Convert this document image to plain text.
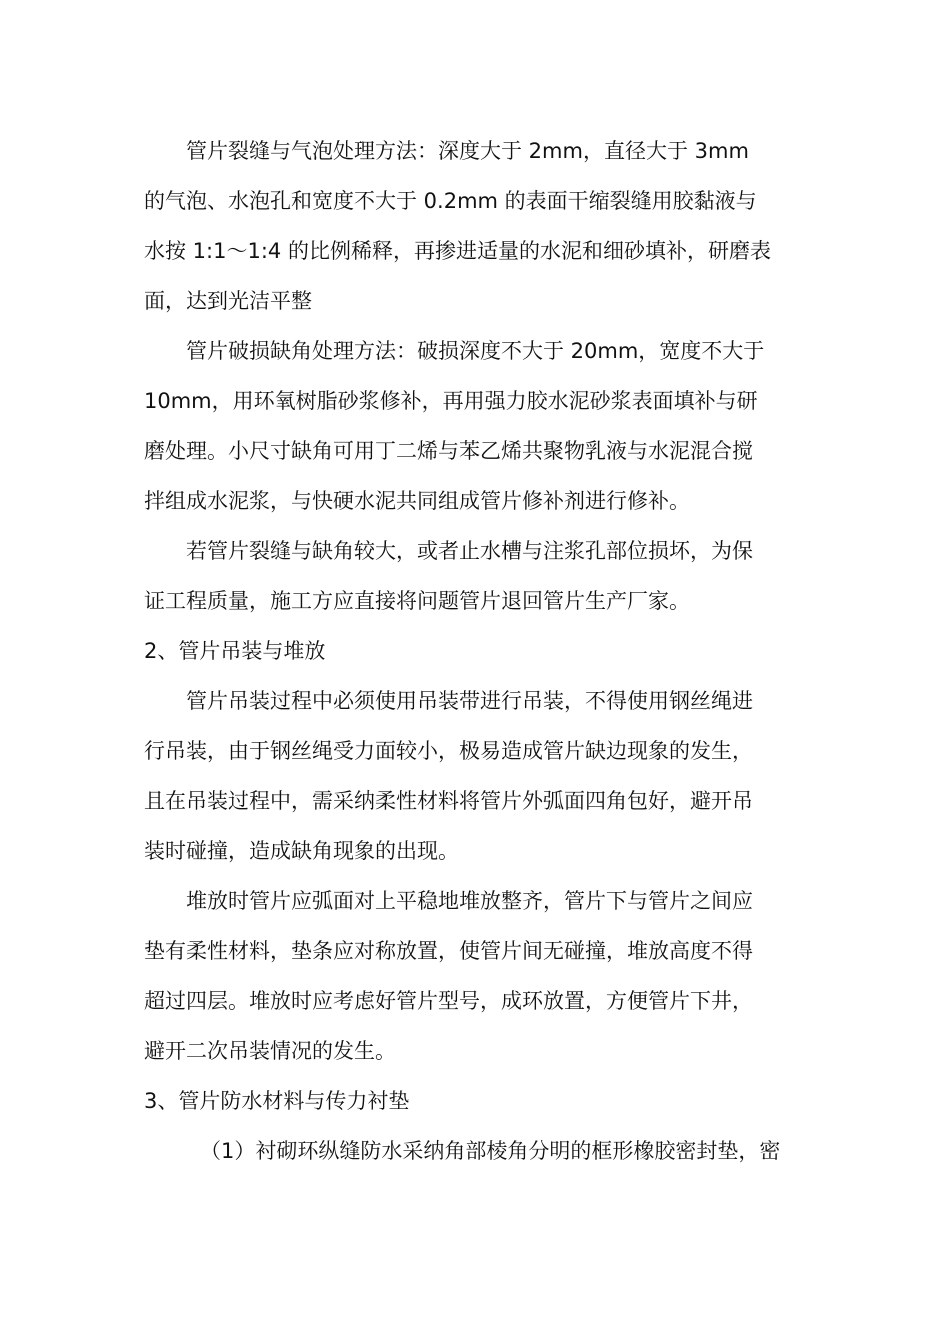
管片裂缝与气泡处理方法：深度大于 2mm，直径大于 3mm
的气泡、水泡孔和宽度不大于 0.2mm 的表面干缩裂缝用胶黏液与
水按 1:1～1:4 的比例稀释，再掺进适量的水泥和细砂填补，研磨表
面，达到光洁平整
管片破损缺角处理方法：破损深度不大于 20mm，宽度不大于
10mm，用环氧树脂砂浆修补，再用强力胶水泥砂浆表面填补与研
磨处理。小尺寸缺角可用丁二烯与苯乙烯共聚物乳液与水泥混合搅
拌组成水泥浆，与快硬水泥共同组成管片修补剂进行修补。
若管片裂缝与缺角较大，或者止水槽与注浆孔部位损坏，为保
证工程质量，施工方应直接将问题管片退回管片生产厂家。
2、管片吊装与堆放
管片吊装过程中必须使用吊装带进行吊装，不得使用钢丝绳进
行吊装，由于钢丝绳受力面较小，极易造成管片缺边现象的发生，
且在吊装过程中，需采纳柔性材料将管片外弧面四角包好，避开吊
装时碰撞，造成缺角现象的出现。
堆放时管片应弧面对上平稳地堆放整齐，管片下与管片之间应
垫有柔性材料，垫条应对称放置，使管片间无碰撞，堆放高度不得
超过四层。堆放时应考虑好管片型号，成环放置，方便管片下井，
避开二次吊装情况的发生。
3、管片防水材料与传力衬垫
（1）衬砌环纵缝防水采纳角部棱角分明的框形橡胶密封垫，密
